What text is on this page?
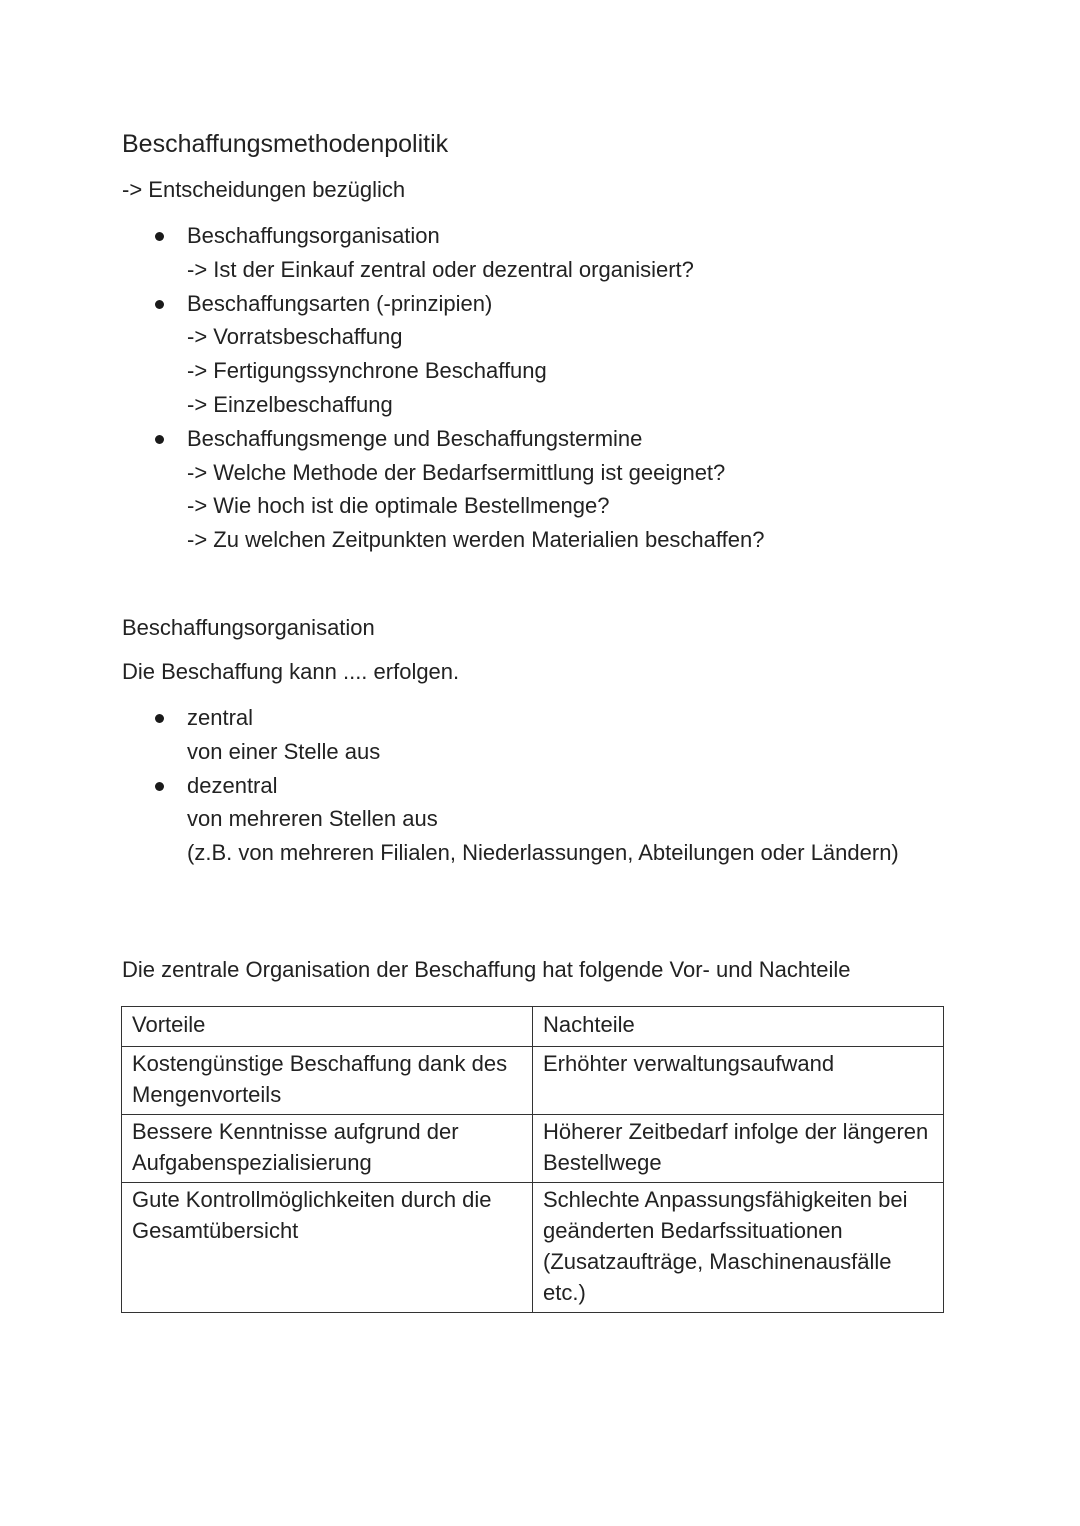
Beschaffungsmethodenpolitik
-> Entscheidungen bezüglich
Beschaffungsorganisation
-> Ist der Einkauf zentral oder dezentral organisiert?
Beschaffungsarten (-prinzipien)
-> Vorratsbeschaffung
-> Fertigungssynchrone Beschaffung
-> Einzelbeschaffung
Beschaffungsmenge und Beschaffungstermine
-> Welche Methode der Bedarfsermittlung ist geeignet?
-> Wie hoch ist die optimale Bestellmenge?
-> Zu welchen Zeitpunkten werden Materialien beschaffen?
Beschaffungsorganisation
Die Beschaffung kann .... erfolgen.
zentral
von einer Stelle aus
dezentral
von mehreren Stellen aus
(z.B. von mehreren Filialen, Niederlassungen, Abteilungen oder Ländern)
Die zentrale Organisation der Beschaffung hat folgende Vor- und Nachteile
Vorteile	Nachteile
Kostengünstige Beschaffung dank des Mengenvorteils	Erhöhter verwaltungsaufwand
Bessere Kenntnisse aufgrund der Aufgabenspezialisierung	Höherer Zeitbedarf infolge der längeren Bestellwege
Gute Kontrollmöglichkeiten durch die Gesamtübersicht	Schlechte Anpassungsfähigkeiten bei geänderten Bedarfssituationen (Zusatzaufträge, Maschinenausfälle etc.)
